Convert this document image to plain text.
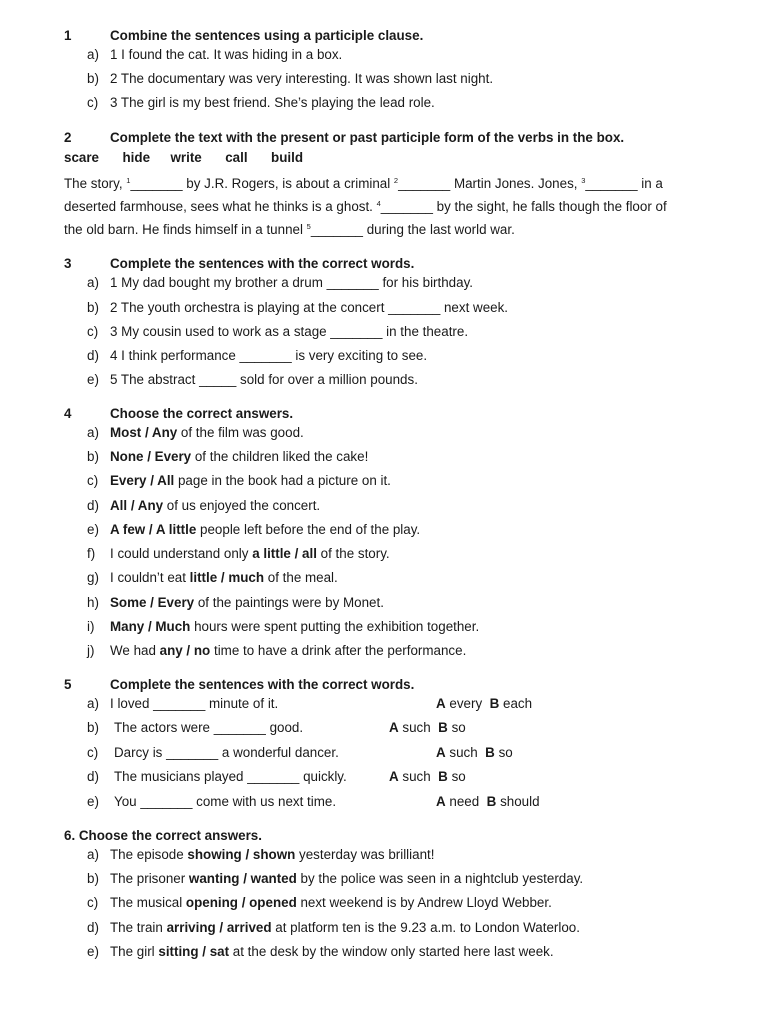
1	Combine the sentences using a participle clause.
a) 1 I found the cat. It was hiding in a box.
b) 2 The documentary was very interesting. It was shown last night.
c) 3 The girl is my best friend. She’s playing the lead role.
2	Complete the text with the present or past participle form of the verbs in the box.
scare hide write call build
The story, $^1$_______ by J.R. Rogers, is about a criminal $^2$_______ Martin Jones. Jones, $^3$_______ in a
deserted farmhouse, sees what he thinks is a ghost. $^4$_______ by the sight, he falls though the floor of
the old barn. He finds himself in a tunnel $^5$_______ during the last world war.
3	Complete the sentences with the correct words.
a) 1 My dad bought my brother a drum _______ for his birthday.
b) 2 The youth orchestra is playing at the concert _______ next week.
c) 3 My cousin used to work as a stage _______ in the theatre.
d) 4 I think performance _______ is very exciting to see.
e) 5 The abstract _____ sold for over a million pounds.
4	Choose the correct answers.
a) Most / Any of the film was good.
b) None / Every of the children liked the cake!
c) Every / All page in the book had a picture on it.
d) All / Any of us enjoyed the concert.
e) A few / A little people left before the end of the play.
f) I could understand only a little / all of the story.
g) I couldn’t eat little / much of the meal.
h) Some / Every of the paintings were by Monet.
i) Many / Much hours were spent putting the exhibition together.
j) We had any / no time to have a drink after the performance.
5	Complete the sentences with the correct words.
a) I loved _______ minute of it.	A every B each
b) The actors were _______ good.	A such B so
c) Darcy is _______ a wonderful dancer.	A such B so
d) The musicians played _______ quickly.	A such B so
e) You _______ come with us next time.	A need B should
6. Choose the correct answers.
a) The episode showing / shown yesterday was brilliant!
b) The prisoner wanting / wanted by the police was seen in a nightclub yesterday.
c) The musical opening / opened next weekend is by Andrew Lloyd Webber.
d) The train arriving / arrived at platform ten is the 9.23 a.m. to London Waterloo.
e) The girl sitting / sat at the desk by the window only started here last week.
